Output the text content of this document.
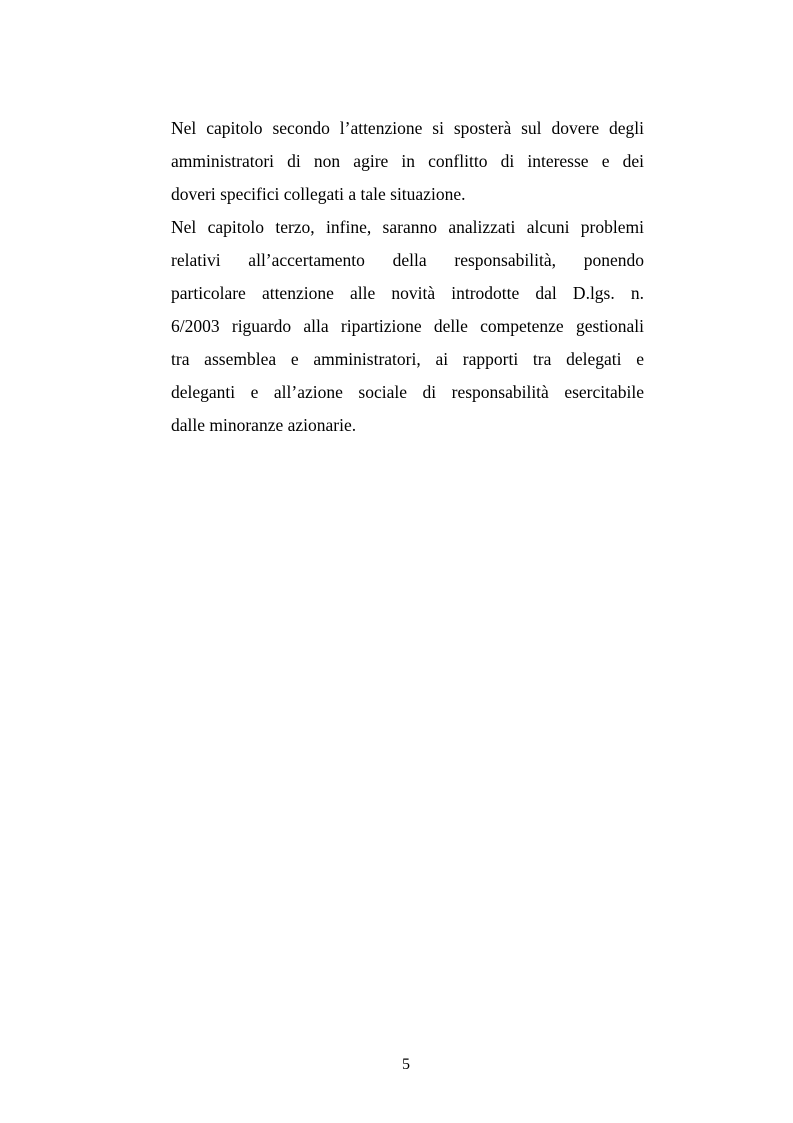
Nel capitolo secondo l’attenzione si sposterà sul dovere degli
amministratori di non agire in conflitto di interesse e dei
doveri specifici collegati a tale situazione.

Nel capitolo terzo, infine, saranno analizzati alcuni problemi
relativi all’accertamento della responsabilità, ponendo
particolare attenzione alle novità introdotte dal D.lgs. n.
6/2003 riguardo alla ripartizione delle competenze gestionali
tra assemblea e amministratori, ai rapporti tra delegati e
deleganti e all’azione sociale di responsabilità esercitabile
dalle minoranze azionarie.

5
